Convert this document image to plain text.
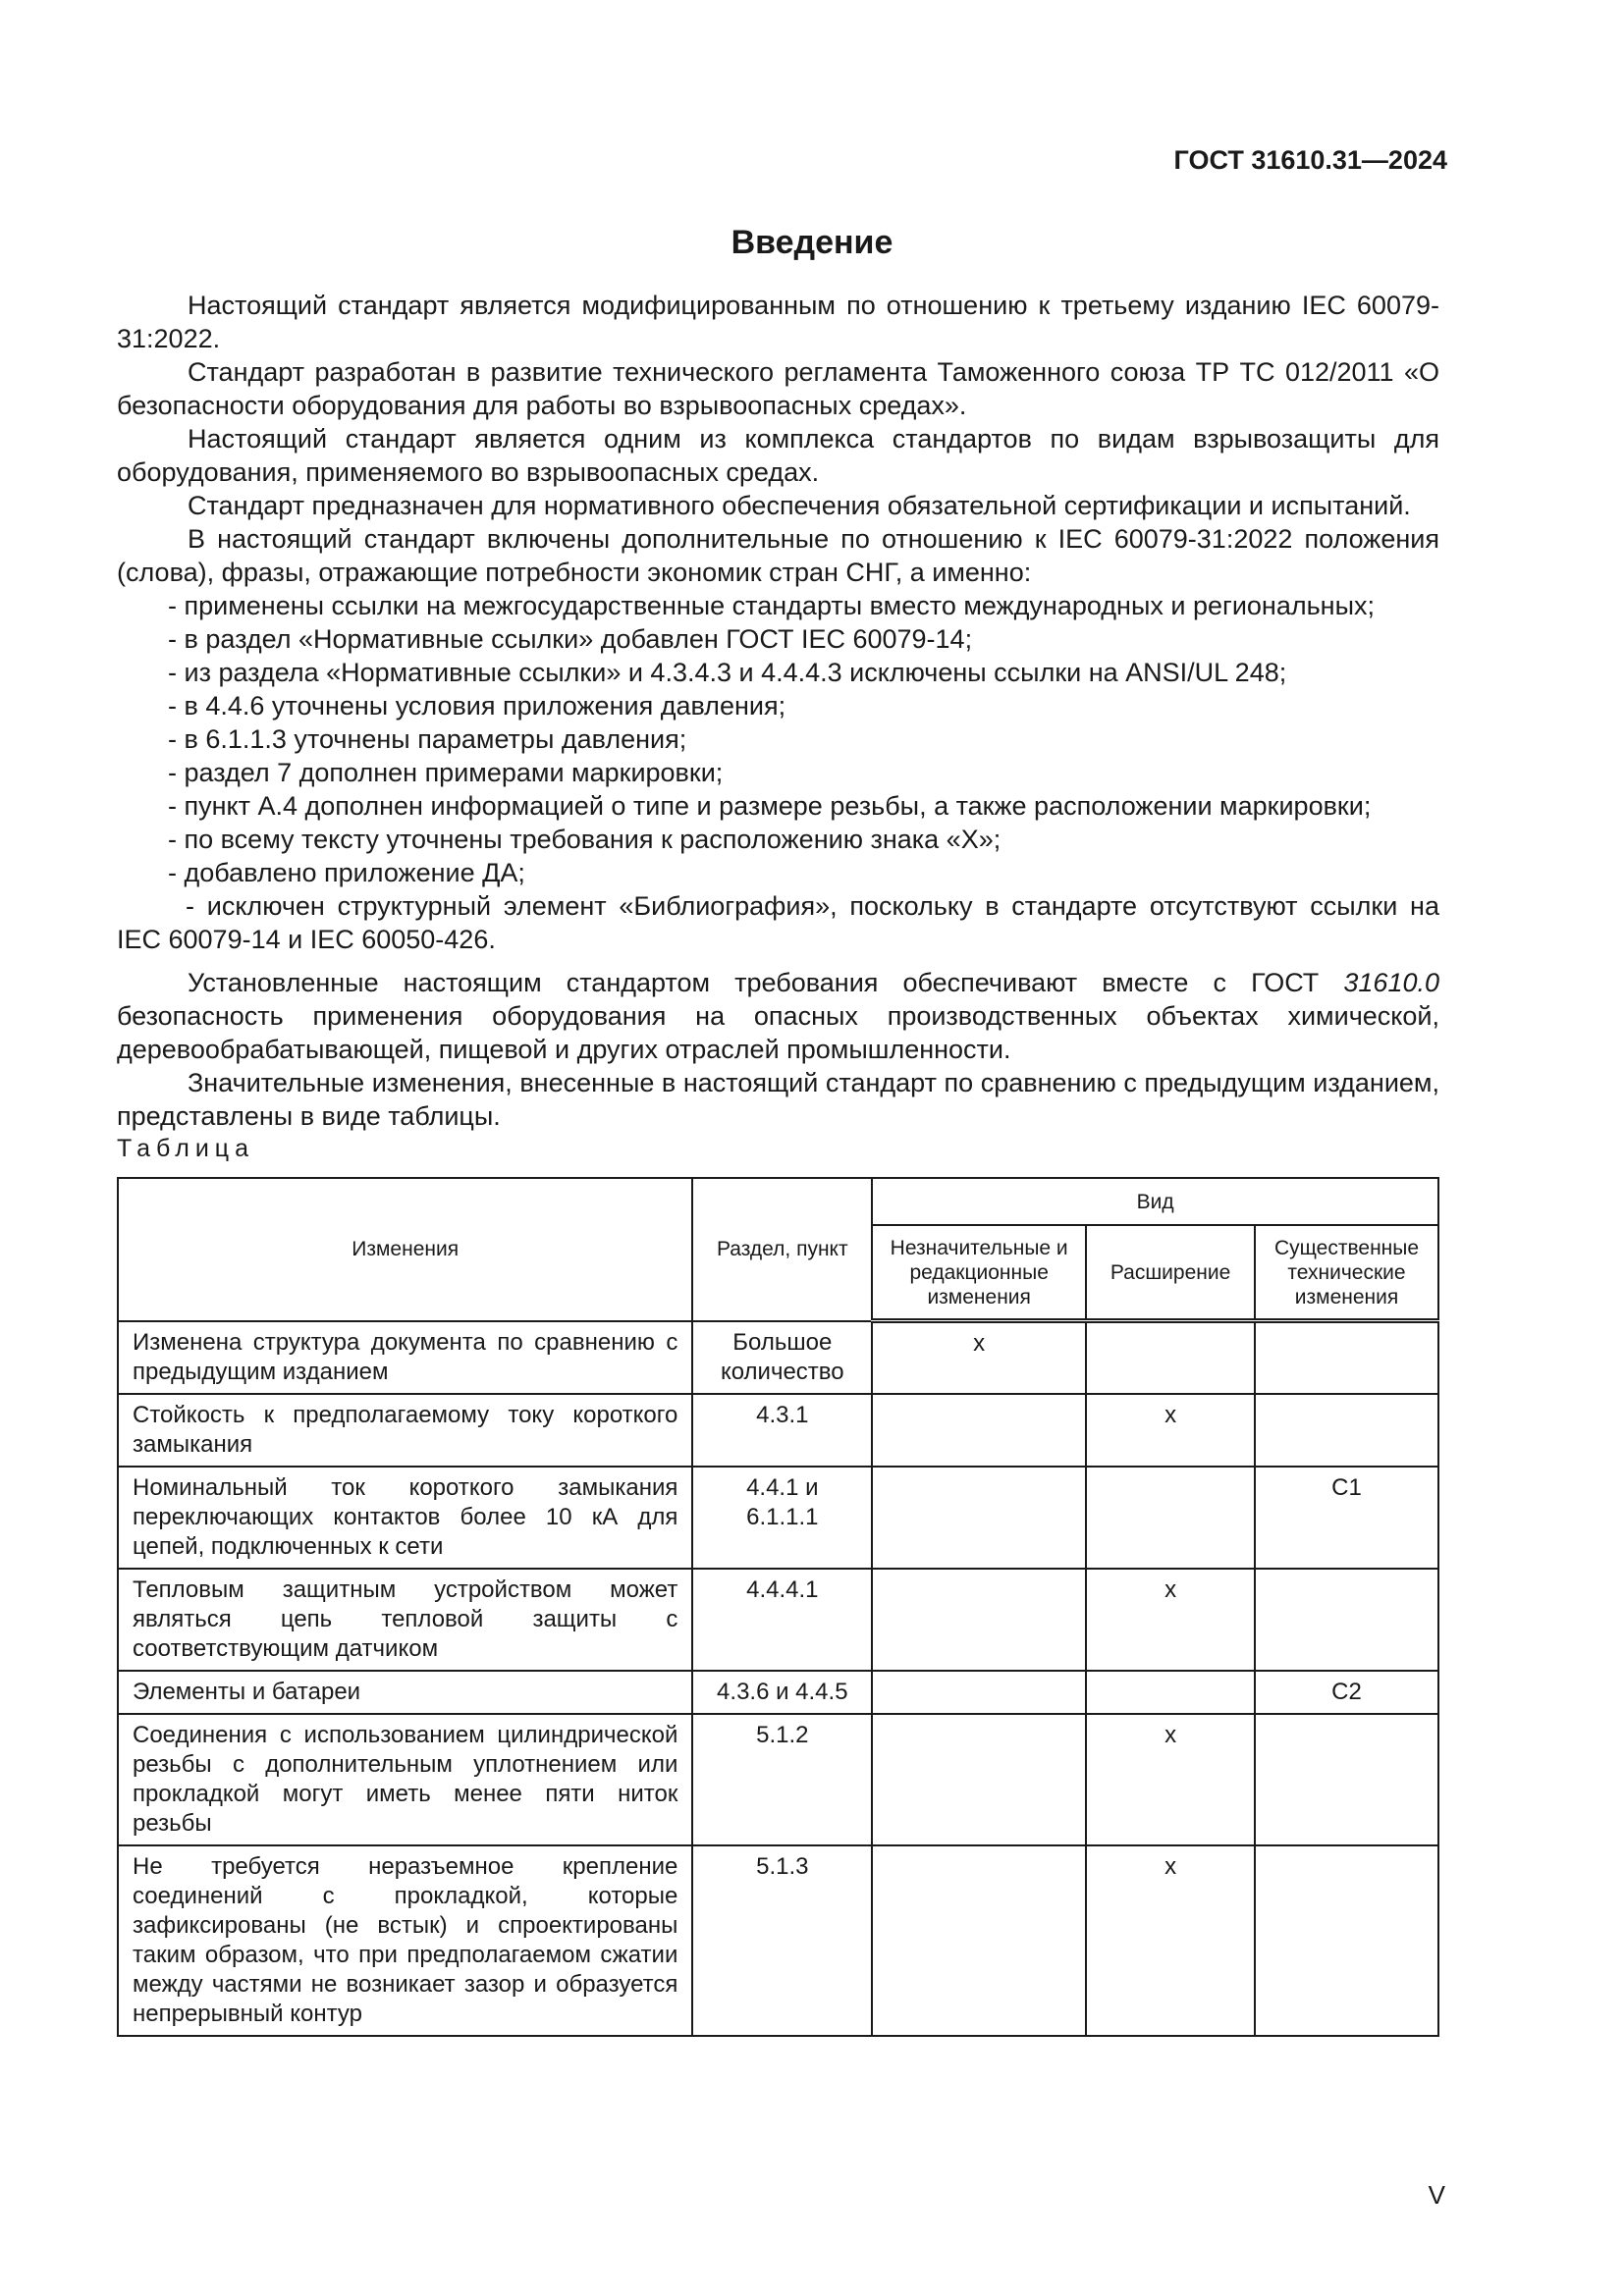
ГОСТ 31610.31—2024
Введение

Настоящий стандарт является модифицированным по отношению к третьему изданию IEC 60079-31:2022.

Стандарт разработан в развитие технического регламента Таможенного союза ТР ТС 012/2011 «О безопасности оборудования для работы во взрывоопасных средах».

Настоящий стандарт является одним из комплекса стандартов по видам взрывозащиты для оборудования, применяемого во взрывоопасных средах.

Стандарт предназначен для нормативного обеспечения обязательной сертификации и испытаний.

В настоящий стандарт включены дополнительные по отношению к IEC 60079-31:2022 положения (слова), фразы, отражающие потребности экономик стран СНГ, а именно:

- применены ссылки на межгосударственные стандарты вместо международных и региональных;
- в раздел «Нормативные ссылки» добавлен ГОСТ IEC 60079-14;
- из раздела «Нормативные ссылки» и 4.3.4.3 и 4.4.4.3 исключены ссылки на ANSI/UL 248;
- в 4.4.6 уточнены условия приложения давления;
- в 6.1.1.3 уточнены параметры давления;
- раздел 7 дополнен примерами маркировки;
- пункт А.4 дополнен информацией о типе и размере резьбы, а также расположении маркировки;
- по всему тексту уточнены требования к расположению знака «Х»;
- добавлено приложение ДА;
- исключен структурный элемент «Библиография», поскольку в стандарте отсутствуют ссылки на IEC 60079-14 и IEC 60050-426.

Установленные настоящим стандартом требования обеспечивают вместе с ГОСТ 31610.0 безопасность применения оборудования на опасных производственных объектах химической, деревообрабатывающей, пищевой и других отраслей промышленности.

Значительные изменения, внесенные в настоящий стандарт по сравнению с предыдущим изданием, представлены в виде таблицы.

Таблица
Изменения	Раздел, пункт	Вид		
		Незначительные и редакционные изменения	Расширение	Существенные технические изменения
Изменена структура документа по сравнению с предыдущим изданием	Большое количество	x		
Стойкость к предполагаемому току короткого замыкания	4.3.1		x	
Номинальный ток короткого замыкания переключающих контактов более 10 кА для цепей, подключенных к сети	4.4.1 и 6.1.1.1			C1
Тепловым защитным устройством может являться цепь тепловой защиты с соответствующим датчиком	4.4.4.1		x	
Элементы и батареи	4.3.6 и 4.4.5			C2
Соединения с использованием цилиндрической резьбы с дополнительным уплотнением или прокладкой могут иметь менее пяти ниток резьбы	5.1.2		x	
Не требуется неразъемное крепление соединений с прокладкой, которые зафиксированы (не встык) и спроектированы таким образом, что при предполагаемом сжатии между частями не возникает зазор и образуется непрерывный контур	5.1.3		x	
V
